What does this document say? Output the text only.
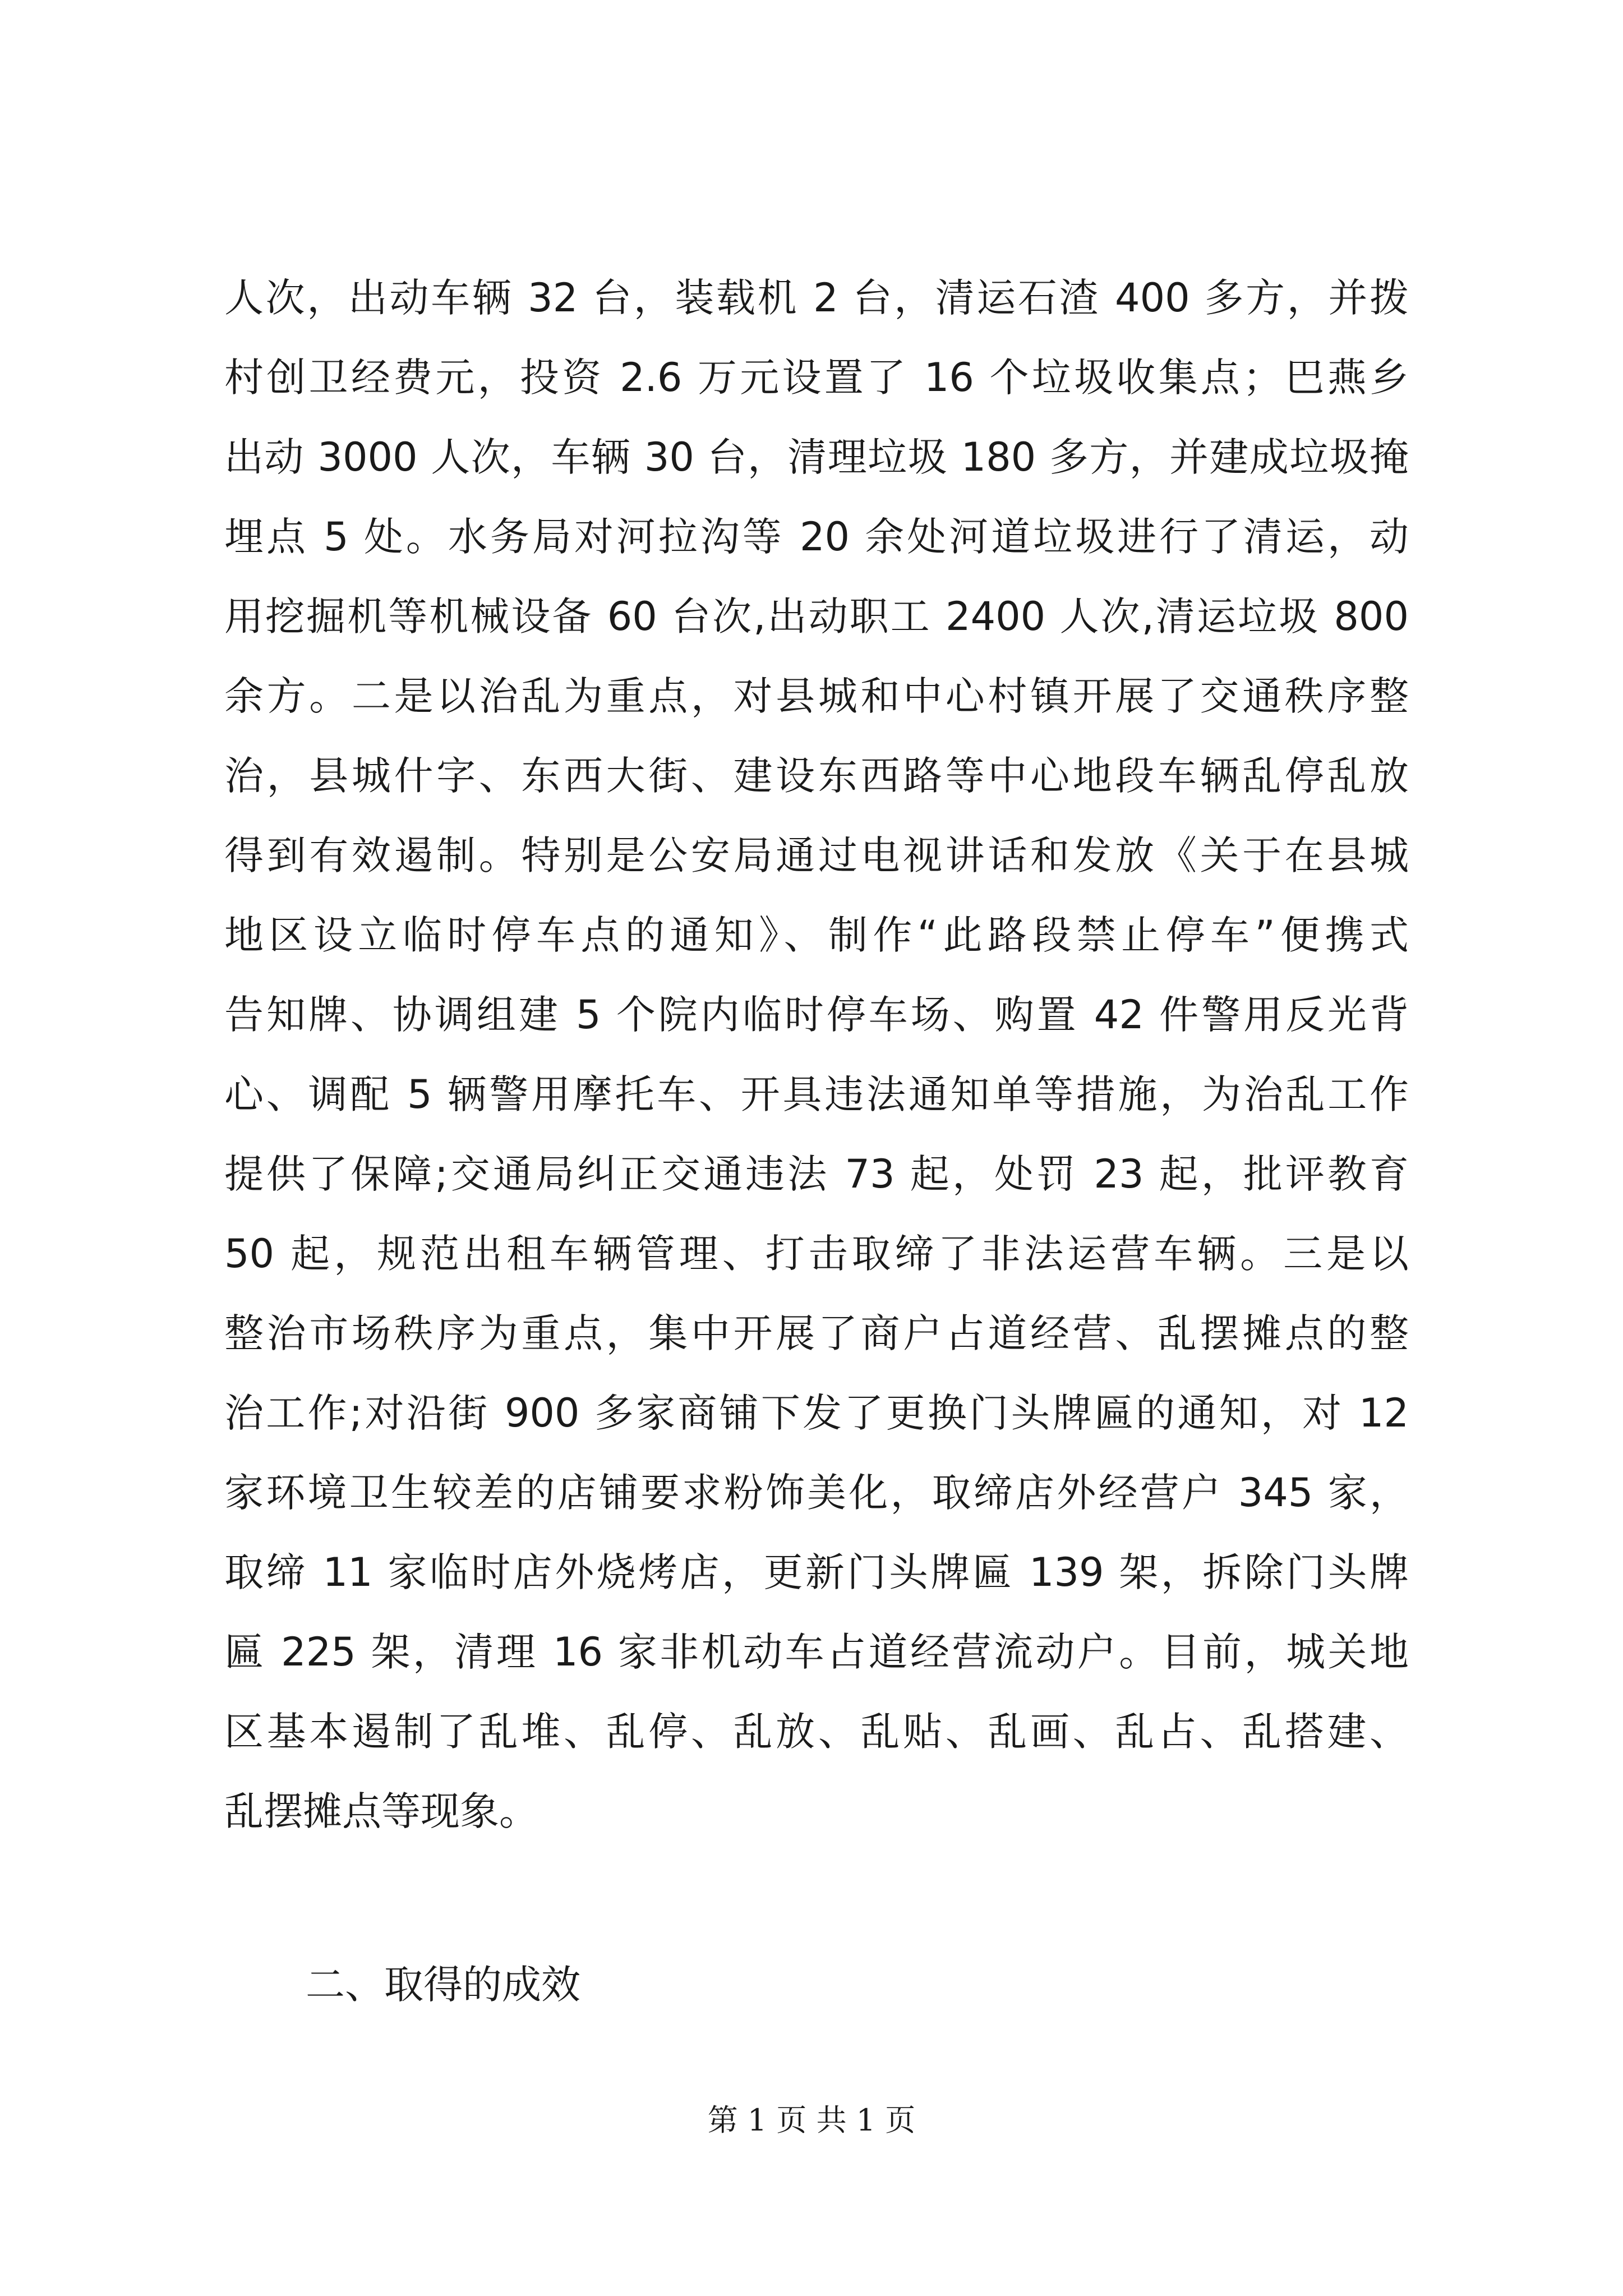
人次，出动车辆 32 台，装载机 2 台，清运石渣 400 多方，并拨
村创卫经费元，投资 2.6 万元设置了 16 个垃圾收集点；巴燕乡
出动 3000 人次，车辆 30 台，清理垃圾 180 多方，并建成垃圾掩
埋点 5 处。水务局对河拉沟等 20 余处河道垃圾进行了清运，动
用挖掘机等机械设备 60 台次,出动职工 2400 人次,清运垃圾 800
余方。二是以治乱为重点，对县城和中心村镇开展了交通秩序整
治，县城什字、东西大街、建设东西路等中心地段车辆乱停乱放
得到有效遏制。特别是公安局通过电视讲话和发放《关于在县城
地区设立临时停车点的通知》、制作“此路段禁止停车”便携式
告知牌、协调组建 5 个院内临时停车场、购置 42 件警用反光背
心、调配 5 辆警用摩托车、开具违法通知单等措施，为治乱工作
提供了保障;交通局纠正交通违法 73 起，处罚 23 起，批评教育
50 起，规范出租车辆管理、打击取缔了非法运营车辆。三是以
整治市场秩序为重点，集中开展了商户占道经营、乱摆摊点的整
治工作;对沿街 900 多家商铺下发了更换门头牌匾的通知，对 12
家环境卫生较差的店铺要求粉饰美化，取缔店外经营户 345 家，
取缔 11 家临时店外烧烤店，更新门头牌匾 139 架，拆除门头牌
匾 225 架，清理 16 家非机动车占道经营流动户。目前，城关地
区基本遏制了乱堆、乱停、乱放、乱贴、乱画、乱占、乱搭建、
乱摆摊点等现象。
二、取得的成效
第 1 页 共 1 页
